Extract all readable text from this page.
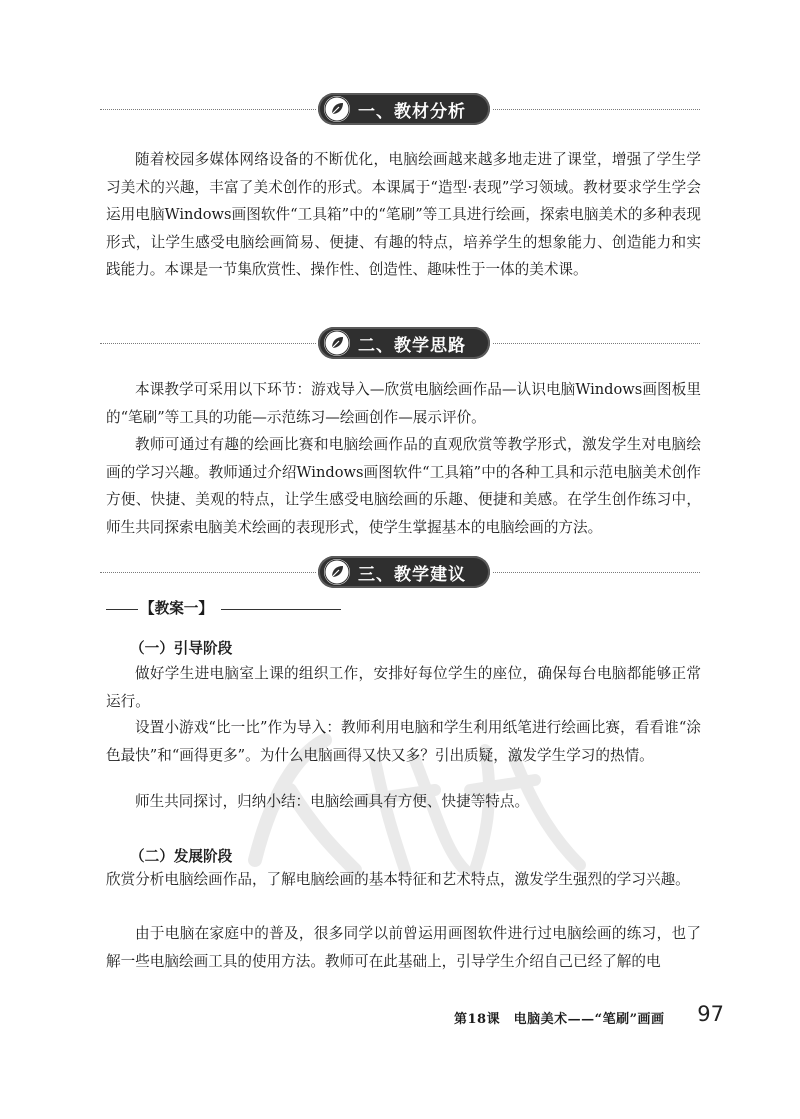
一、教材分析

随着校园多媒体网络设备的不断优化，电脑绘画越来越多地走进了课堂，增强了学生学习美术的兴趣，丰富了美术创作的形式。本课属于“造型·表现”学习领域。教材要求学生学会运用电脑Windows画图软件“工具箱”中的“笔刷”等工具进行绘画，探索电脑美术的多种表现形式，让学生感受电脑绘画简易、便捷、有趣的特点，培养学生的想象能力、创造能力和实践能力。本课是一节集欣赏性、操作性、创造性、趣味性于一体的美术课。

二、教学思路

本课教学可采用以下环节：游戏导入—欣赏电脑绘画作品—认识电脑Windows画图板里的“笔刷”等工具的功能—示范练习—绘画创作—展示评价。

教师可通过有趣的绘画比赛和电脑绘画作品的直观欣赏等教学形式，激发学生对电脑绘画的学习兴趣。教师通过介绍Windows画图软件“工具箱”中的各种工具和示范电脑美术创作方便、快捷、美观的特点，让学生感受电脑绘画的乐趣、便捷和美感。在学生创作练习中，师生共同探索电脑美术绘画的表现形式，使学生掌握基本的电脑绘画的方法。

三、教学建议
【教案一】
（一）引导阶段

做好学生进电脑室上课的组织工作，安排好每位学生的座位，确保每台电脑都能够正常运行。

设置小游戏“比一比”作为导入：教师利用电脑和学生利用纸笔进行绘画比赛，看看谁“涂色最快”和“画得更多”。为什么电脑画得又快又多？引出质疑，激发学生学习的热情。

师生共同探讨，归纳小结：电脑绘画具有方便、快捷等特点。

（二）发展阶段

欣赏分析电脑绘画作品，了解电脑绘画的基本特征和艺术特点，激发学生强烈的学习兴趣。

由于电脑在家庭中的普及，很多同学以前曾运用画图软件进行过电脑绘画的练习，也了解一些电脑绘画工具的使用方法。教师可在此基础上，引导学生介绍自己已经了解的电

第18课　电脑美术——“笔刷”画画 97
